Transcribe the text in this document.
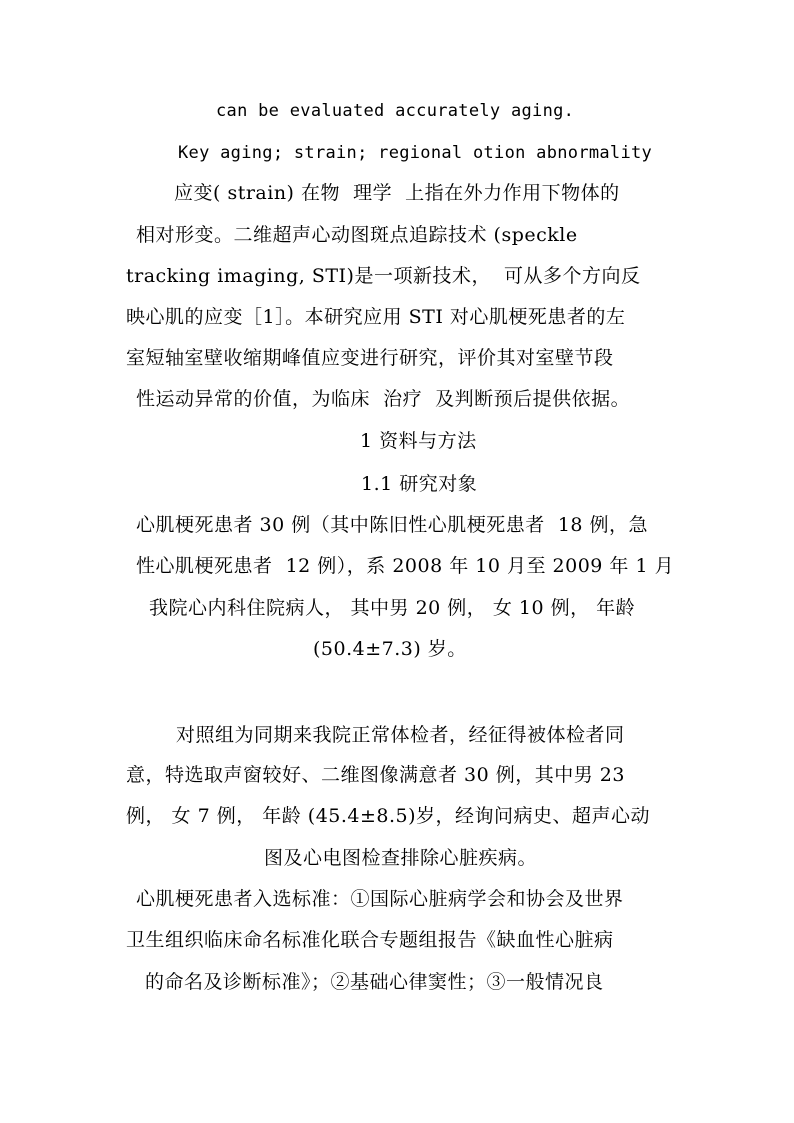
can be evaluated accurately aging.
Key aging; strain; regional otion abnormality
应变( strain) 在物  理学  上指在外力作用下物体的
相对形变。二维超声心动图斑点追踪技术 (speckle
tracking imaging, STI)是一项新技术，  可从多个方向反
映心肌的应变［1］。本研究应用 STI 对心肌梗死患者的左
室短轴室壁收缩期峰值应变进行研究，评价其对室壁节段
性运动异常的价值，为临床  治疗  及判断预后提供依据。
1 资料与方法
1.1 研究对象
心肌梗死患者 30 例（其中陈旧性心肌梗死患者  18 例，急
性心肌梗死患者  12 例），系 2008 年 10 月至 2009 年 1 月
我院心内科住院病人， 其中男 20 例， 女 10 例， 年龄
(50.4±7.3) 岁。
对照组为同期来我院正常体检者，经征得被体检者同
意，特选取声窗较好、二维图像满意者 30 例，其中男 23
例， 女 7 例， 年龄 (45.4±8.5)岁，经询问病史、超声心动
图及心电图检查排除心脏疾病。
心肌梗死患者入选标准：①国际心脏病学会和协会及世界
卫生组织临床命名标准化联合专题组报告《缺血性心脏病
的命名及诊断标准》；②基础心律窦性；③一般情况良
